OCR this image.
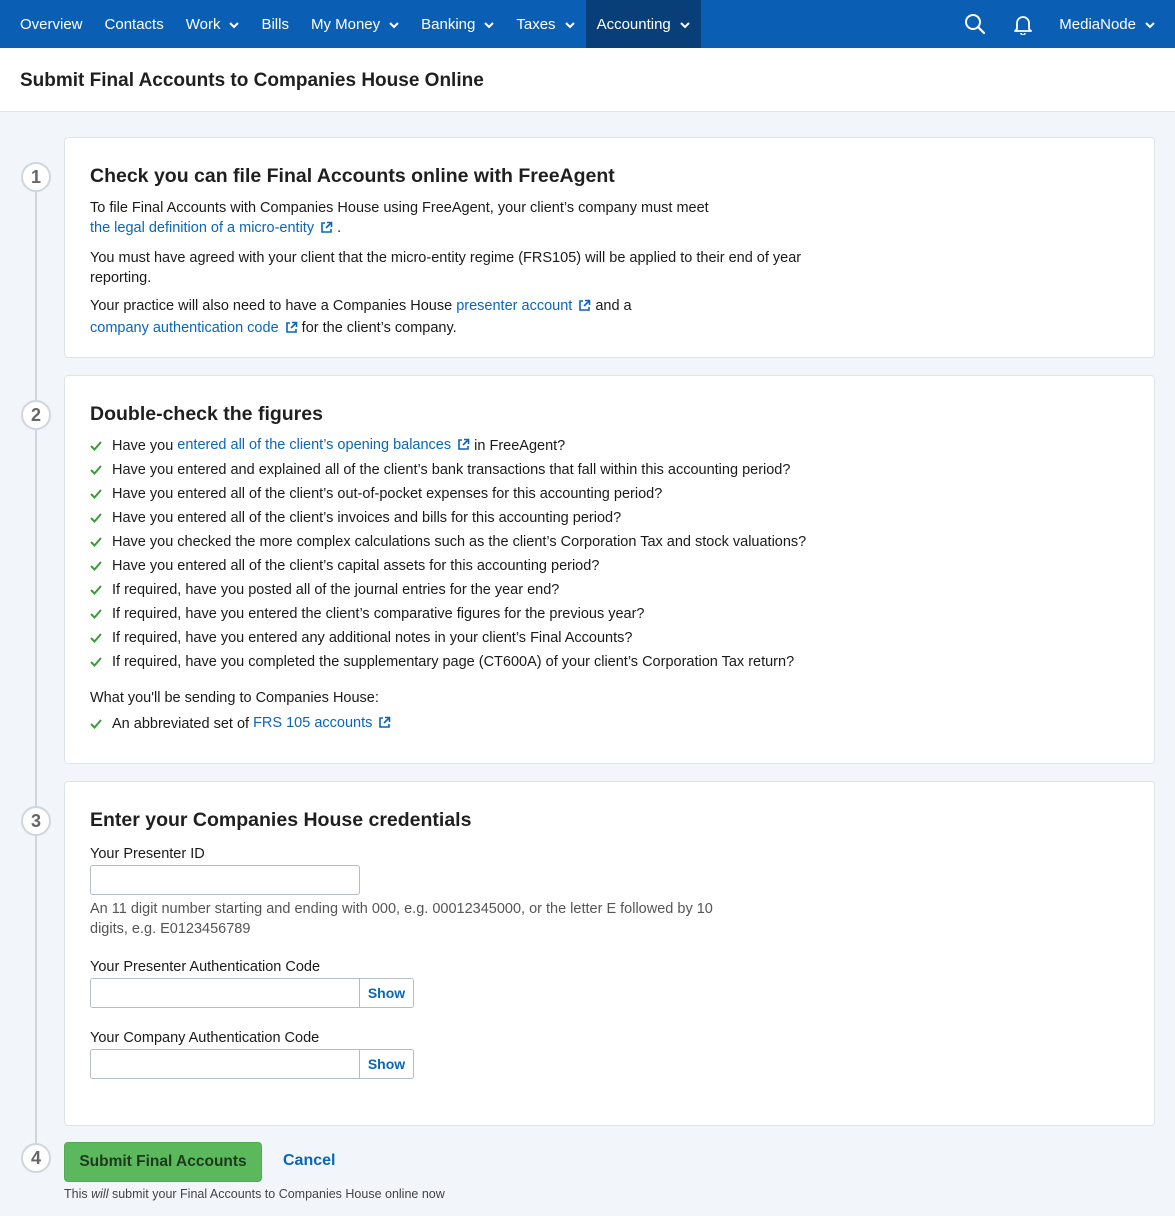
Overview Contacts Work	Bills My Money	Banking	Taxes	Accounting	MediaNode
Submit Final Accounts to Companies House Online
1
2
3
4
Check you can file Final Accounts online with FreeAgent

To file Final Accounts with Companies House using FreeAgent, your client’s company must meet
the legal definition of a micro-entity .

You must have agreed with your client that the micro-entity regime (FRS105) will be applied to their end of year
reporting.

Your practice will also need to have a Companies House presenter account and a
company authentication code for the client’s company.

Double-check the figures
Have you
entered all of the client’s opening balances
	in FreeAgent?
Have you entered and explained all of the client’s bank transactions that fall within this accounting period?
Have you entered all of the client’s out-of-pocket expenses for this accounting period?
Have you entered all of the client’s invoices and bills for this accounting period?
Have you checked the more complex calculations such as the client’s Corporation Tax and stock valuations?
Have you entered all of the client’s capital assets for this accounting period?
If required, have you posted all of the journal entries for the year end?
If required, have you entered the client’s comparative figures for the previous year?
If required, have you entered any additional notes in your client’s Final Accounts?
If required, have you completed the supplementary page (CT600A) of your client’s Corporation Tax return?

What you'll be sending to Companies House:

An abbreviated set of
FRS 105 accounts
Enter your Companies House credentials
Your Presenter ID

An 11 digit number starting and ending with 000, e.g. 00012345000, or the letter E followed by 10
digits, e.g. E0123456789

Your Presenter Authentication Code
Show
Your Company Authentication Code
Show
Submit Final Accounts	Cancel

This will submit your Final Accounts to Companies House online now
